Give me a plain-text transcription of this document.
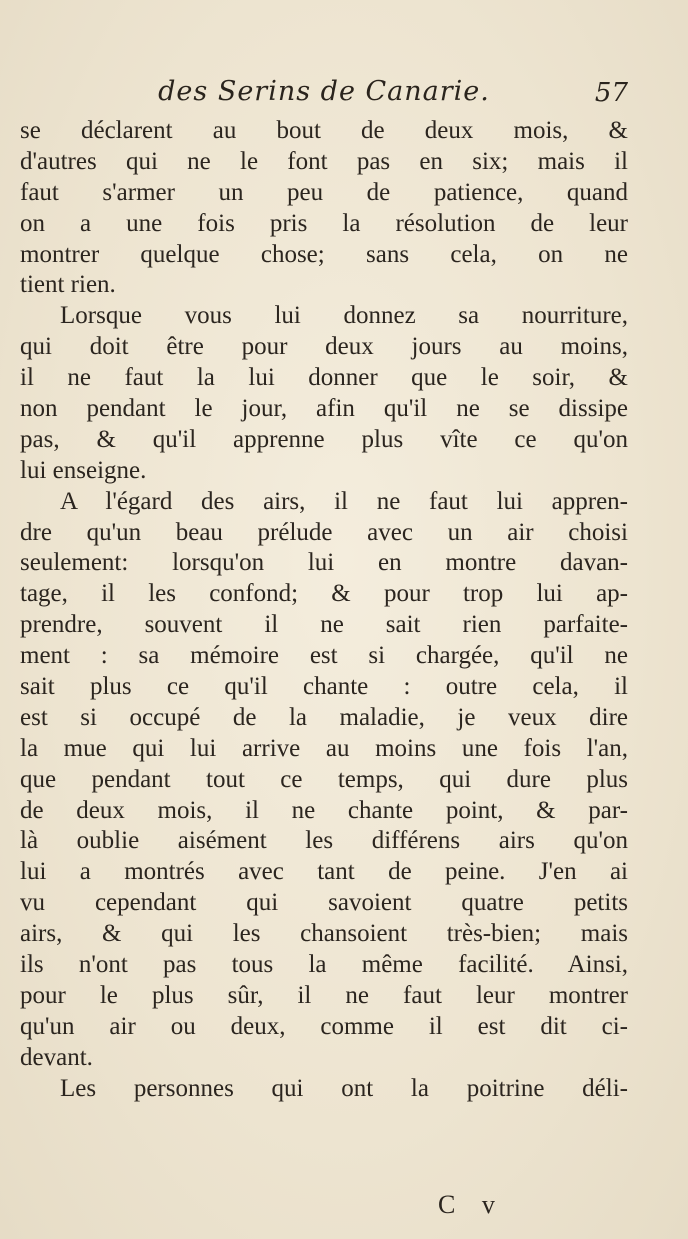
des Serins de Canarie.	57
se déclarent au bout de deux mois, &
d'autres qui ne le font pas en six; mais il
faut s'armer un peu de patience, quand
on a une fois pris la résolution de leur
montrer quelque chose; sans cela, on ne
tient rien.
Lorsque vous lui donnez sa nourriture,
qui doit être pour deux jours au moins,
il ne faut la lui donner que le soir, &
non pendant le jour, afin qu'il ne se dissipe
pas, & qu'il apprenne plus vîte ce qu'on
lui enseigne.
A l'égard des airs, il ne faut lui appren-
dre qu'un beau prélude avec un air choisi
seulement: lorsqu'on lui en montre davan-
tage, il les confond; & pour trop lui ap-
prendre, souvent il ne sait rien parfaite-
ment : sa mémoire est si chargée, qu'il ne
sait plus ce qu'il chante : outre cela, il
est si occupé de la maladie, je veux dire
la mue qui lui arrive au moins une fois l'an,
que pendant tout ce temps, qui dure plus
de deux mois, il ne chante point, & par-
là oublie aisément les différens airs qu'on
lui a montrés avec tant de peine. J'en ai
vu cependant qui savoient quatre petits
airs, & qui les chansoient très-bien; mais
ils n'ont pas tous la même facilité. Ainsi,
pour le plus sûr, il ne faut leur montrer
qu'un air ou deux, comme il est dit ci-
devant.
Les personnes qui ont la poitrine déli-
C v
